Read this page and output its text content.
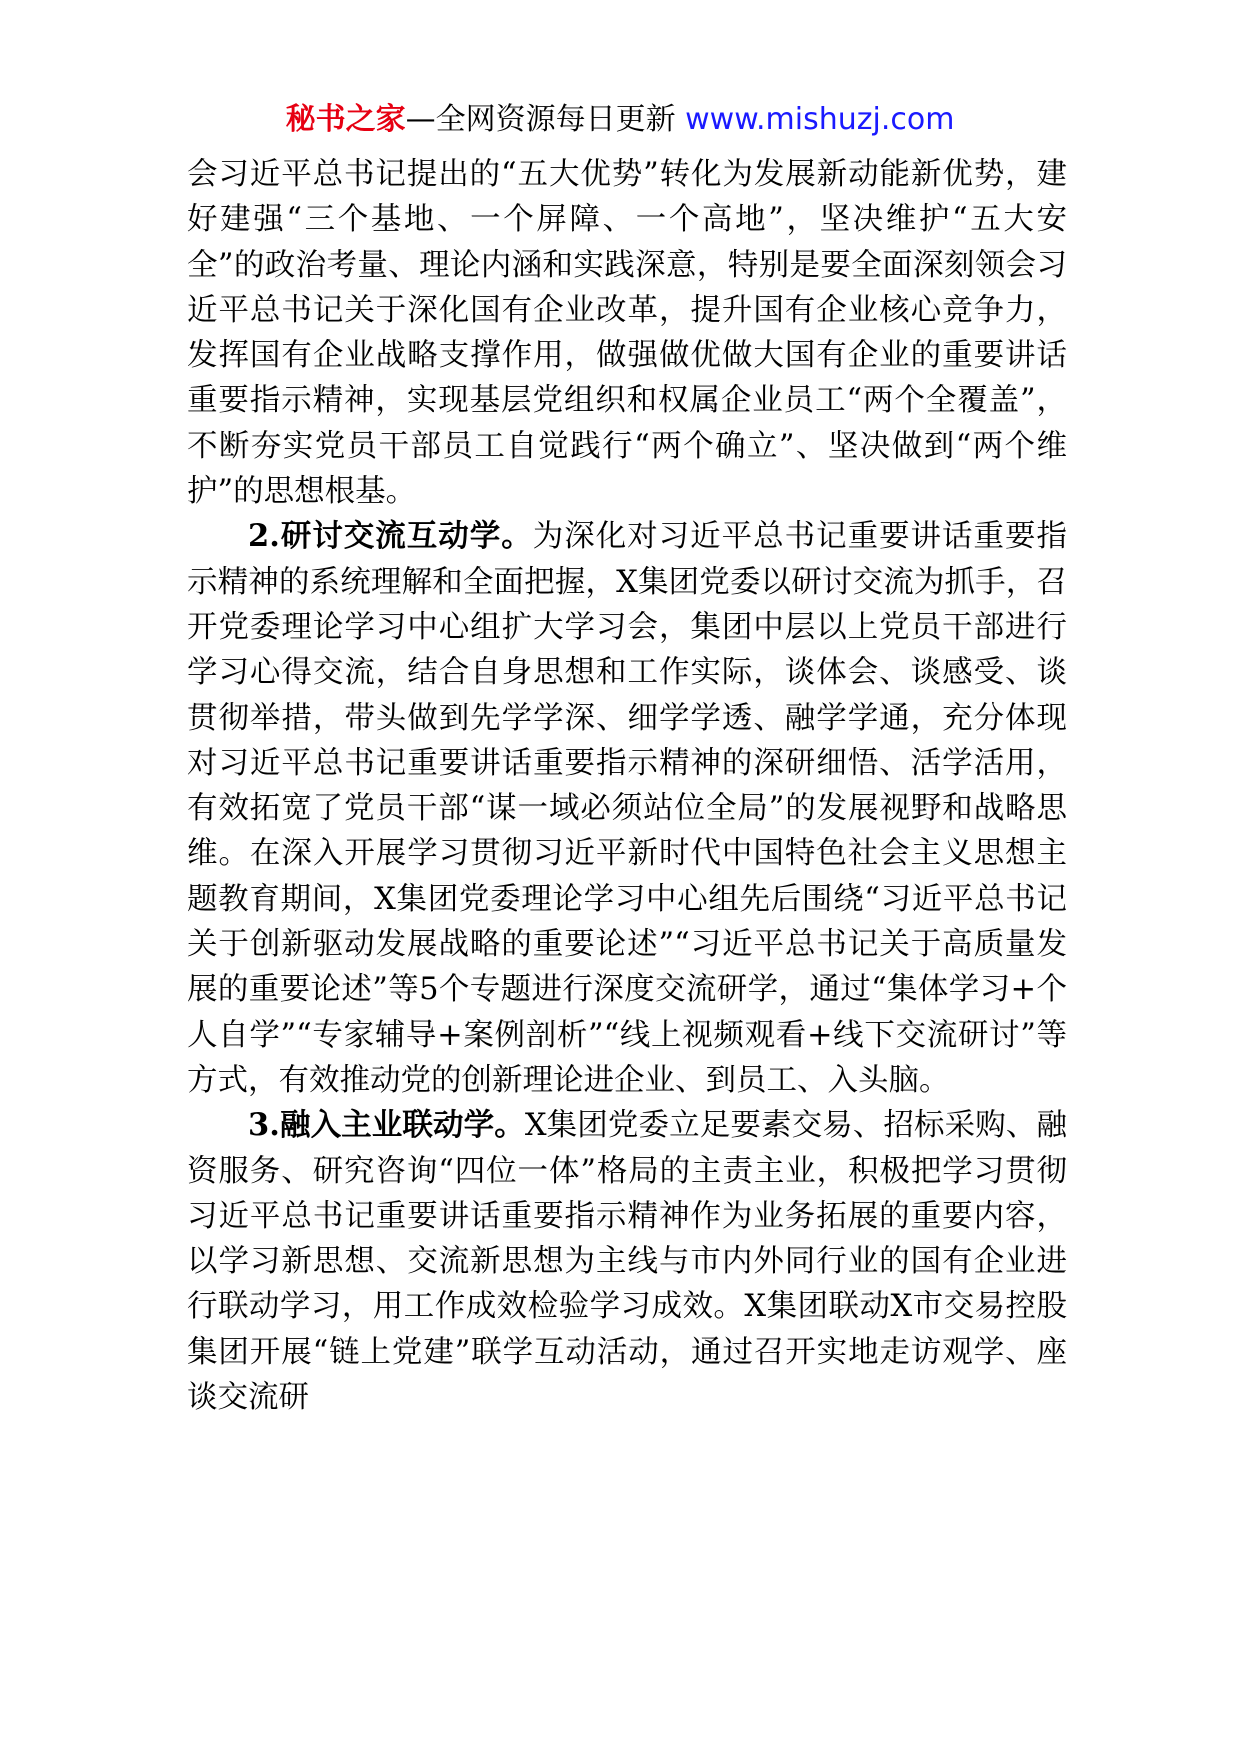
秘书之家—全网资源每日更新 www.mishuzj.com

会习近平总书记提出的“五大优势”转化为发展新动能新优势，建好建强“三个基地、一个屏障、一个高地”，坚决维护“五大安全”的政治考量、理论内涵和实践深意，特别是要全面深刻领会习近平总书记关于深化国有企业改革，提升国有企业核心竞争力，发挥国有企业战略支撑作用，做强做优做大国有企业的重要讲话重要指示精神，实现基层党组织和权属企业员工“两个全覆盖”，不断夯实党员干部员工自觉践行“两个确立”、坚决做到“两个维护”的思想根基。

2.研讨交流互动学。为深化对习近平总书记重要讲话重要指示精神的系统理解和全面把握，X集团党委以研讨交流为抓手，召开党委理论学习中心组扩大学习会，集团中层以上党员干部进行学习心得交流，结合自身思想和工作实际，谈体会、谈感受、谈贯彻举措，带头做到先学学深、细学学透、融学学通，充分体现对习近平总书记重要讲话重要指示精神的深研细悟、活学活用，有效拓宽了党员干部“谋一域必须站位全局”的发展视野和战略思维。在深入开展学习贯彻习近平新时代中国特色社会主义思想主题教育期间，X集团党委理论学习中心组先后围绕“习近平总书记关于创新驱动发展战略的重要论述”“习近平总书记关于高质量发展的重要论述”等5个专题进行深度交流研学，通过“集体学习+个人自学”“专家辅导+案例剖析”“线上视频观看+线下交流研讨”等方式，有效推动党的创新理论进企业、到员工、入头脑。

3.融入主业联动学。X集团党委立足要素交易、招标采购、融资服务、研究咨询“四位一体”格局的主责主业，积极把学习贯彻习近平总书记重要讲话重要指示精神作为业务拓展的重要内容，以学习新思想、交流新思想为主线与市内外同行业的国有企业进行联动学习，用工作成效检验学习成效。X集团联动X市交易控股集团开展“链上党建”联学互动活动，通过召开实地走访观学、座谈交流研
